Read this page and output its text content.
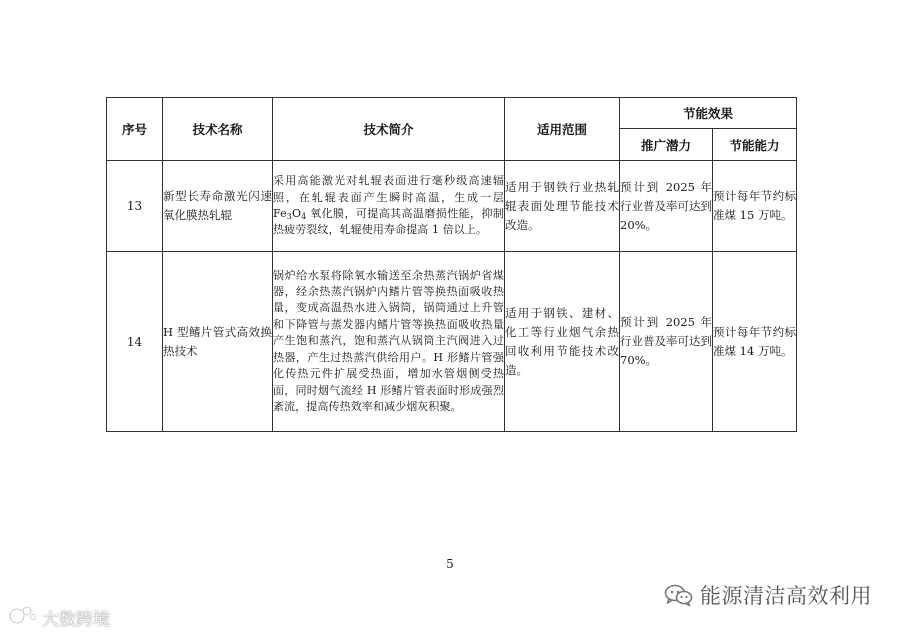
序号	技术名称	技术简介	适用范围	节能效果	
				推广潜力	节能能力
13	新型长寿命激光闪速氧化膜热轧辊	采用高能激光对轧辊表面进行毫秒级高速辐照，在轧辊表面产生瞬时高温，生成一层 $Fe_3O_4$ 氧化膜，可提高其高温磨损性能，抑制热疲劳裂纹，轧辊使用寿命提高 1 倍以上。	适用于钢铁行业热轧辊表面处理节能技术改造。	预计到 2025 年行业普及率可达到 20%。	预计每年节约标准煤 15 万吨。
14	H 型鳍片管式高效换热技术	锅炉给水泵将除氧水输送至余热蒸汽锅炉省煤器，经余热蒸汽锅炉内鳍片管等换热面吸收热量，变成高温热水进入锅筒，锅筒通过上升管和下降管与蒸发器内鳍片管等换热面吸收热量产生饱和蒸汽，饱和蒸汽从锅筒主汽阀进入过热器，产生过热蒸汽供给用户。H 形鳍片管强化传热元件扩展受热面，增加水管烟侧受热面，同时烟气流经 H 形鳍片管表面时形成强烈紊流，提高传热效率和减少烟灰积聚。	适用于钢铁、建材、化工等行业烟气余热回收利用节能技术改造。	预计到 2025 年行业普及率可达到 70%。	预计每年节约标准煤 14 万吨。
5
能源清洁高效利用
大数跨境
